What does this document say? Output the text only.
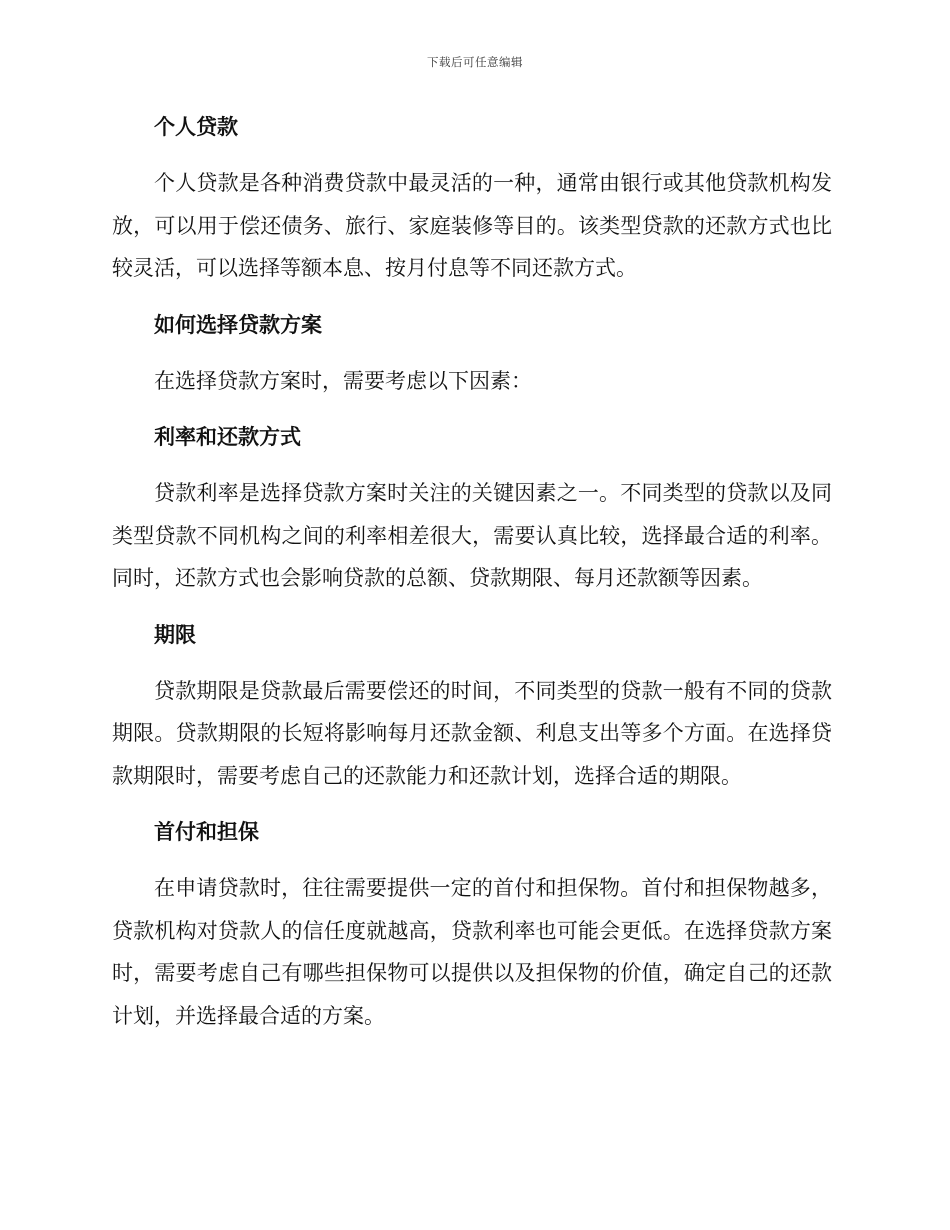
下载后可任意编辑
个人贷款

个人贷款是各种消费贷款中最灵活的一种，通常由银行或其他贷款机构发放，可以用于偿还债务、旅行、家庭装修等目的。该类型贷款的还款方式也比较灵活，可以选择等额本息、按月付息等不同还款方式。

如何选择贷款方案

在选择贷款方案时，需要考虑以下因素：

利率和还款方式

贷款利率是选择贷款方案时关注的关键因素之一。不同类型的贷款以及同类型贷款不同机构之间的利率相差很大，需要认真比较，选择最合适的利率。同时，还款方式也会影响贷款的总额、贷款期限、每月还款额等因素。

期限

贷款期限是贷款最后需要偿还的时间，不同类型的贷款一般有不同的贷款期限。贷款期限的长短将影响每月还款金额、利息支出等多个方面。在选择贷款期限时，需要考虑自己的还款能力和还款计划，选择合适的期限。

首付和担保

在申请贷款时，往往需要提供一定的首付和担保物。首付和担保物越多，贷款机构对贷款人的信任度就越高，贷款利率也可能会更低。在选择贷款方案时，需要考虑自己有哪些担保物可以提供以及担保物的价值，确定自己的还款计划，并选择最合适的方案。
